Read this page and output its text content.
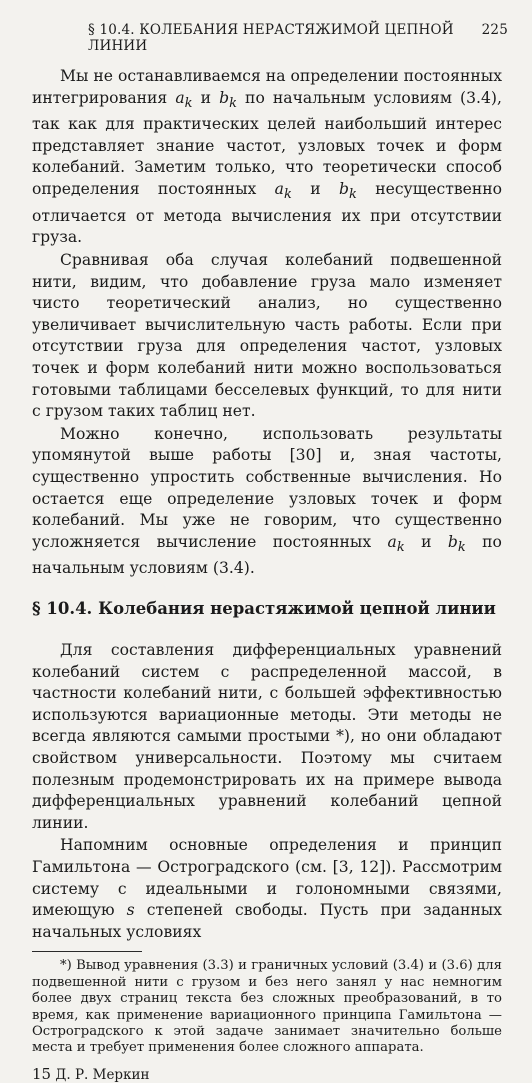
§ 10.4. КОЛЕБАНИЯ НЕРАСТЯЖИМОЙ ЦЕПНОЙ ЛИНИИ
225

Мы не останавливаемся на определении постоянных интегрирования $a_k$ и $b_k$ по начальным условиям (3.4), так как для практических целей наибольший интерес представляет знание частот, узловых точек и форм колебаний. Заметим только, что теоретически способ определения постоянных $a_k$ и $b_k$ несущественно отличается от метода вычисления их при отсутствии груза.

Сравнивая оба случая колебаний подвешенной нити, видим, что добавление груза мало изменяет чисто теоретический анализ, но существенно увеличивает вычислительную часть работы. Если при отсутствии груза для определения частот, узловых точек и форм колебаний нити можно воспользоваться готовыми таблицами бесселевых функций, то для нити с грузом таких таблиц нет.

Можно конечно, использовать результаты упомянутой выше работы [30] и, зная частоты, существенно упростить собственные вычисления. Но остается еще определение узловых точек и форм колебаний. Мы уже не говорим, что существенно усложняется вычисление постоянных $a_k$ и $b_k$ по начальным условиям (3.4).

§ 10.4. Колебания нерастяжимой цепной линии

Для составления дифференциальных уравнений колебаний систем с распределенной массой, в частности колебаний нити, с большей эффективностью используются вариационные методы. Эти методы не всегда являются самыми простыми *), но они обладают свойством универсальности. Поэтому мы считаем полезным продемонстрировать их на примере вывода дифференциальных уравнений колебаний цепной линии.

Напомним основные определения и принцип Гамильтона — Остроградского (см. [3, 12]). Рассмотрим систему с идеальными и голономными связями, имеющую s степеней свободы. Пусть при заданных начальных условиях

*) Вывод уравнения (3.3) и граничных условий (3.4) и (3.6) для подвешенной нити с грузом и без него занял у нас немногим более двух страниц текста без сложных преобразований, в то время, как применение вариационного принципа Гамильтона — Остроградского к этой задаче занимает значительно больше места и требует применения более сложного аппарата.

15 Д. Р. Меркин
